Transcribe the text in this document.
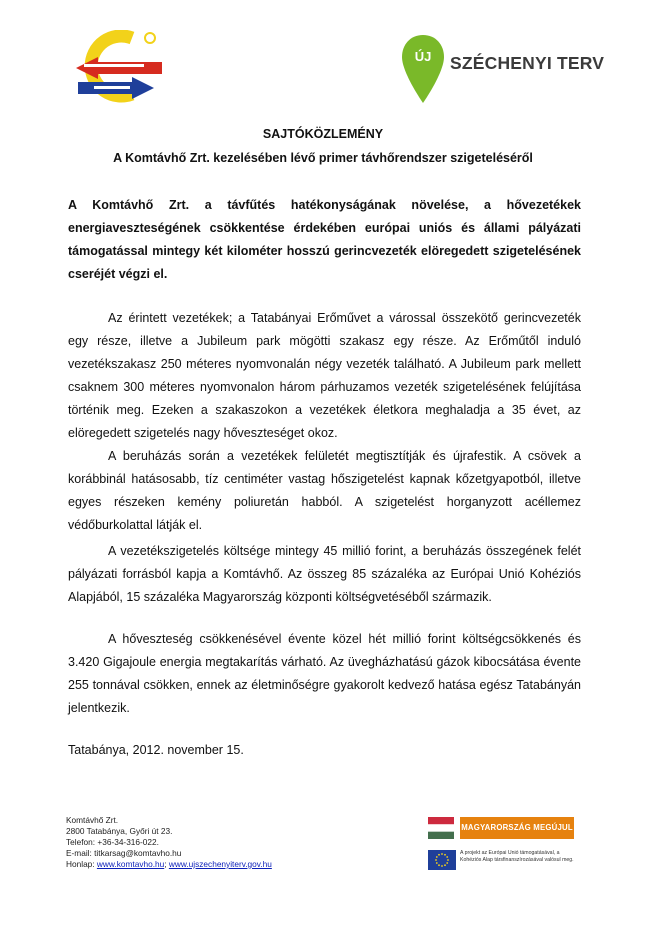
ÚJ	SZÉCHENYI TERV
SAJTÓKÖZLEMÉNY
A Komtávhő Zrt. kezelésében lévő primer távhőrendszer szigeteléséről
A Komtávhő Zrt. a távfűtés hatékonyságának növelése, a hővezetékek energiaveszteségének csökkentése érdekében európai uniós és állami pályázati támogatással mintegy két kilométer hosszú gerincvezeték elöregedett szigetelésének cseréjét végzi el.
Az érintett vezetékek; a Tatabányai Erőművet a várossal összekötő gerincvezeték egy része, illetve a Jubileum park mögötti szakasz egy része. Az Erőműtől induló vezetékszakasz 250 méteres nyomvonalán négy vezeték található. A Jubileum park mellett csaknem 300 méteres nyomvonalon három párhuzamos vezeték szigetelésének felújítása történik meg. Ezeken a szakaszokon a vezetékek életkora meghaladja a 35 évet, az elöregedett szigetelés nagy hőveszteséget okoz.
A beruházás során a vezetékek felületét megtisztítják és újrafestik. A csövek a korábbinál hatásosabb, tíz centiméter vastag hőszigetelést kapnak kőzetgyapotból, illetve egyes részeken kemény poliuretán habból. A szigetelést horganyzott acéllemez védőburkolattal látják el.
A vezetékszigetelés költsége mintegy 45 millió forint, a beruházás összegének felét pályázati forrásból kapja a Komtávhő. Az összeg 85 százaléka az Európai Unió Kohéziós Alapjából, 15 százaléka Magyarország központi költségvetéséből származik.
A hőveszteség csökkenésével évente közel hét millió forint költségcsökkenés és 3.420 Gigajoule energia megtakarítás várható. Az üvegházhatású gázok kibocsátása évente 255 tonnával csökken, ennek az életminőségre gyakorolt kedvező hatása egész Tatabányán jelentkezik.
Tatabánya, 2012. november 15.
Komtávhő Zrt.
2800 Tatabánya, Győri út 23.
Telefon: +36-34-316-022.
E-mail: titkarsag@komtavho.hu
Honlap: www.komtavho.hu; www.ujszechenyiterv.gov.hu
MAGYARORSZÁG MEGÚJUL
A projekt az Európai Unió támogatásával, a Kohéziós Alap társfinanszírozásával valósul meg.
